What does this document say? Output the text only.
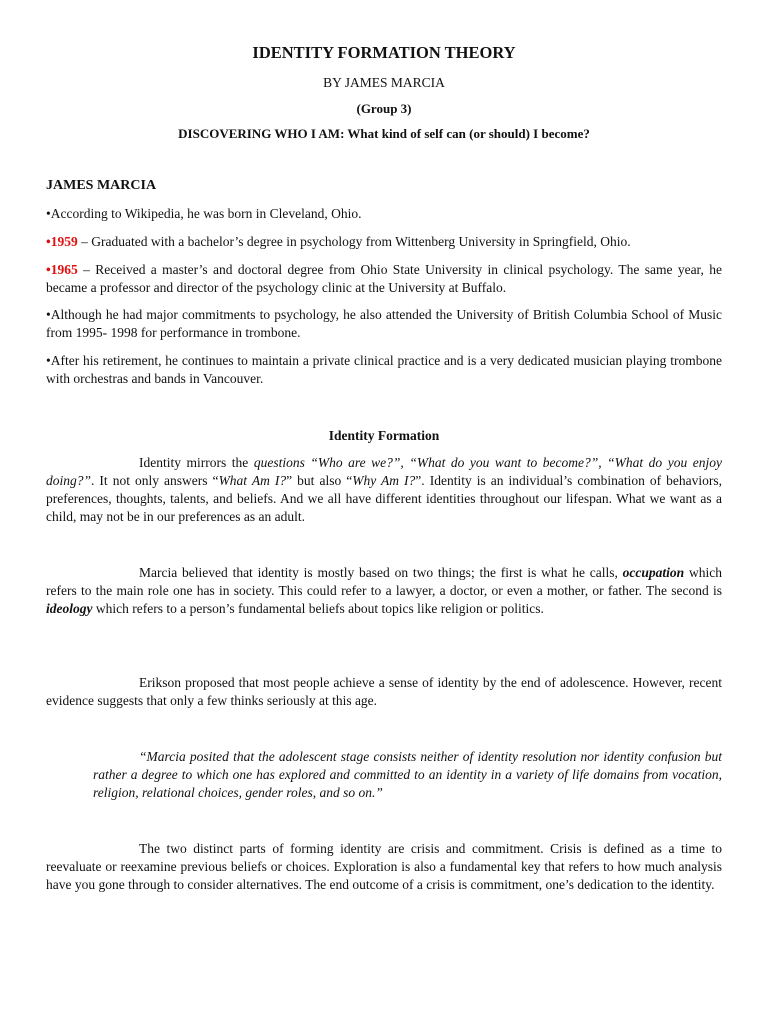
IDENTITY FORMATION THEORY

BY JAMES MARCIA

(Group 3)

DISCOVERING WHO I AM: What kind of self can (or should) I become?

JAMES MARCIA

•According to Wikipedia, he was born in Cleveland, Ohio.

•1959 – Graduated with a bachelor’s degree in psychology from Wittenberg University in Springfield, Ohio.

•1965 – Received a master’s and doctoral degree from Ohio State University in clinical psychology. The same year, he became a professor and director of the psychology clinic at the University at Buffalo.

•Although he had major commitments to psychology, he also attended the University of British Columbia School of Music from 1995- 1998 for performance in trombone.

•After his retirement, he continues to maintain a private clinical practice and is a very dedicated musician playing trombone with orchestras and bands in Vancouver.

Identity Formation

Identity mirrors the questions “Who are we?”, “What do you want to become?”, “What do you enjoy doing?”. It not only answers “What Am I?” but also “Why Am I?”. Identity is an individual’s combination of behaviors, preferences, thoughts, talents, and beliefs. And we all have different identities throughout our lifespan. What we want as a child, may not be in our preferences as an adult.

Marcia believed that identity is mostly based on two things; the first is what he calls, occupation which refers to the main role one has in society. This could refer to a lawyer, a doctor, or even a mother, or father. The second is ideology which refers to a person’s fundamental beliefs about topics like religion or politics.

Erikson proposed that most people achieve a sense of identity by the end of adolescence. However, recent evidence suggests that only a few thinks seriously at this age.

“Marcia posited that the adolescent stage consists neither of identity resolution nor identity confusion but rather a degree to which one has explored and committed to an identity in a variety of life domains from vocation, religion, relational choices, gender roles, and so on.”

The two distinct parts of forming identity are crisis and commitment. Crisis is defined as a time to reevaluate or reexamine previous beliefs or choices. Exploration is also a fundamental key that refers to how much analysis have you gone through to consider alternatives. The end outcome of a crisis is commitment, one’s dedication to the identity.
